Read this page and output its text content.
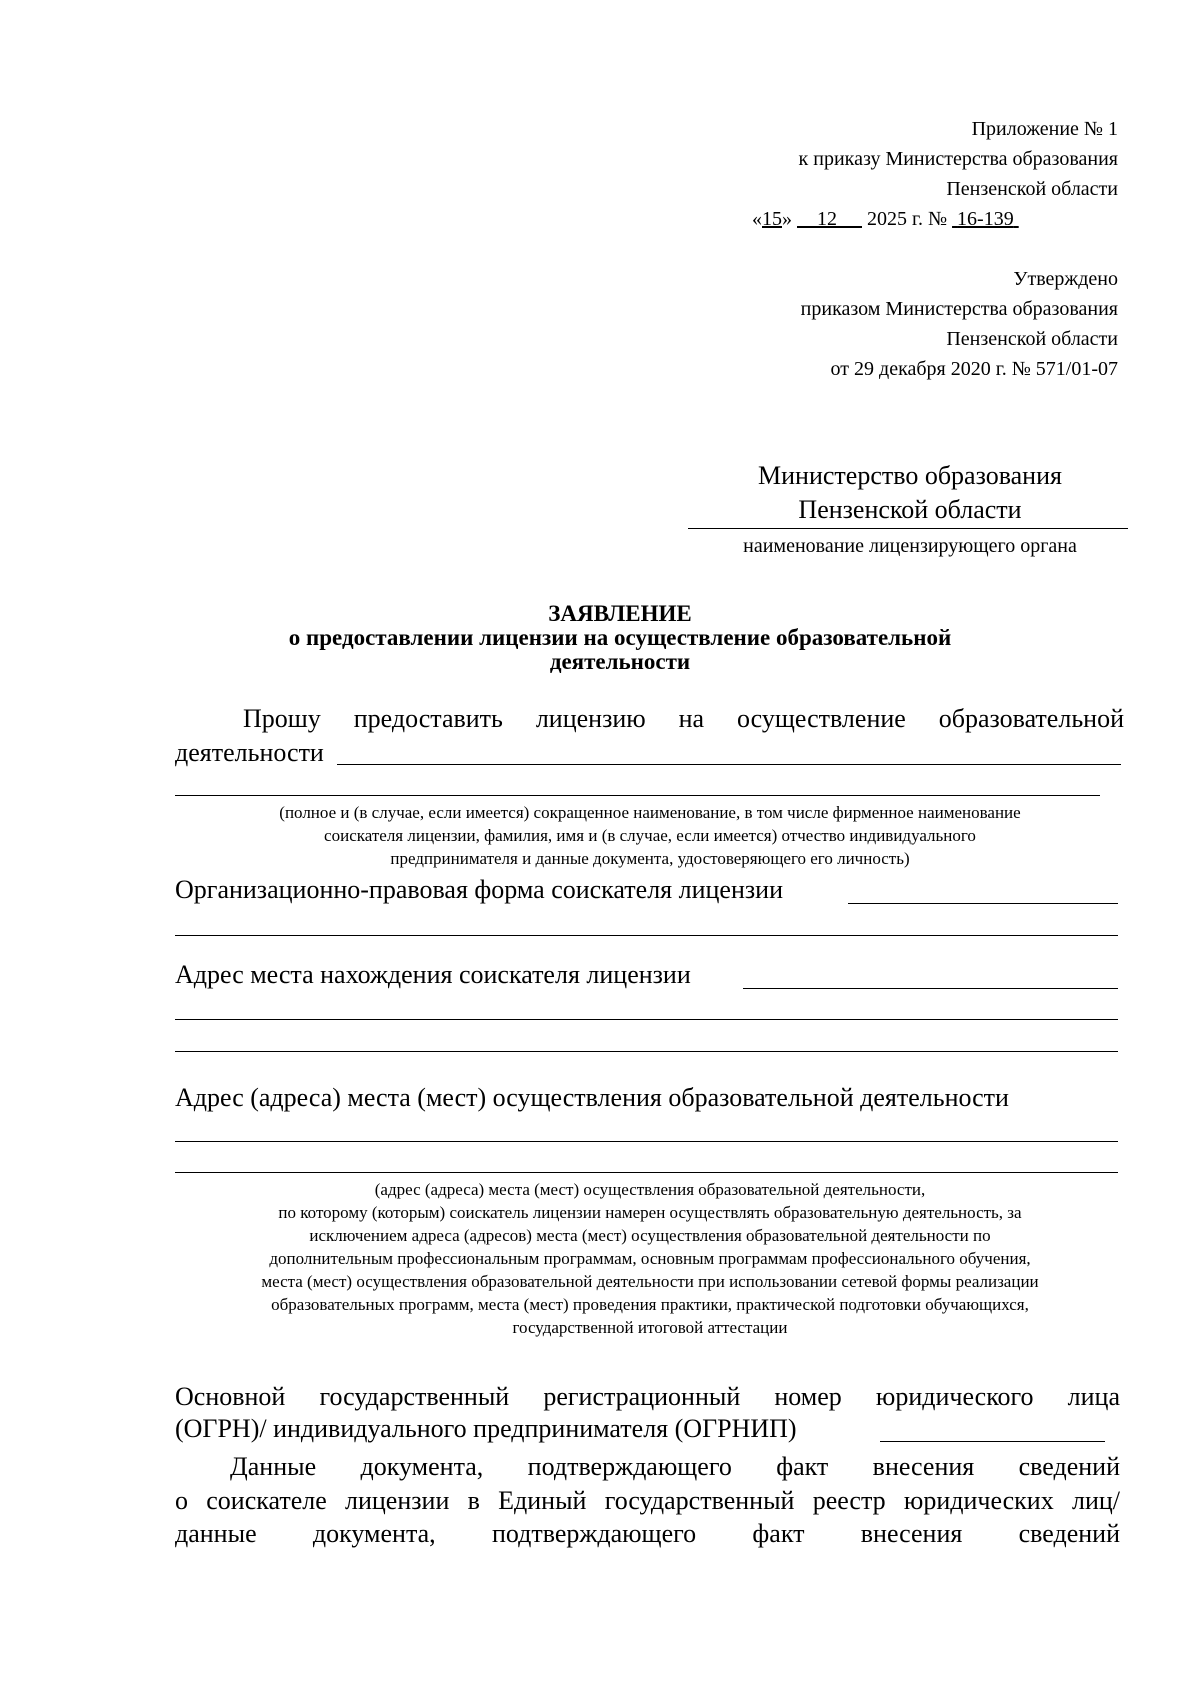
Приложение № 1
к приказу Министерства образования
Пензенской области
«15» 12 2025 г. № 16-139
Утверждено
приказом Министерства образования
Пензенской области
от 29 декабря 2020 г. № 571/01-07
Министерство образования
Пензенской области
наименование лицензирующего органа
ЗАЯВЛЕНИЕ
о предоставлении лицензии на осуществление образовательной
деятельности
Прошу предоставить лицензию на осуществление образовательной
деятельности
(полное и (в случае, если имеется) сокращенное наименование, в том числе фирменное наименование
соискателя лицензии, фамилия, имя и (в случае, если имеется) отчество индивидуального
предпринимателя и данные документа, удостоверяющего его личность)
Организационно-правовая форма соискателя лицензии
Адрес места нахождения соискателя лицензии
Адрес (адреса) места (мест) осуществления образовательной деятельности
(адрес (адреса) места (мест) осуществления образовательной деятельности,
по которому (которым) соискатель лицензии намерен осуществлять образовательную деятельность, за
исключением адреса (адресов) места (мест) осуществления образовательной деятельности по
дополнительным профессиональным программам, основным программам профессионального обучения,
места (мест) осуществления образовательной деятельности при использовании сетевой формы реализации
образовательных программ, места (мест) проведения практики, практической подготовки обучающихся,
государственной итоговой аттестации
Основной государственный регистрационный номер юридического лица
(ОГРН)/ индивидуального предпринимателя (ОГРНИП)
Данные документа, подтверждающего факт внесения сведений
о соискателе лицензии в Единый государственный реестр юридических лиц/
данные документа, подтверждающего факт внесения сведений
